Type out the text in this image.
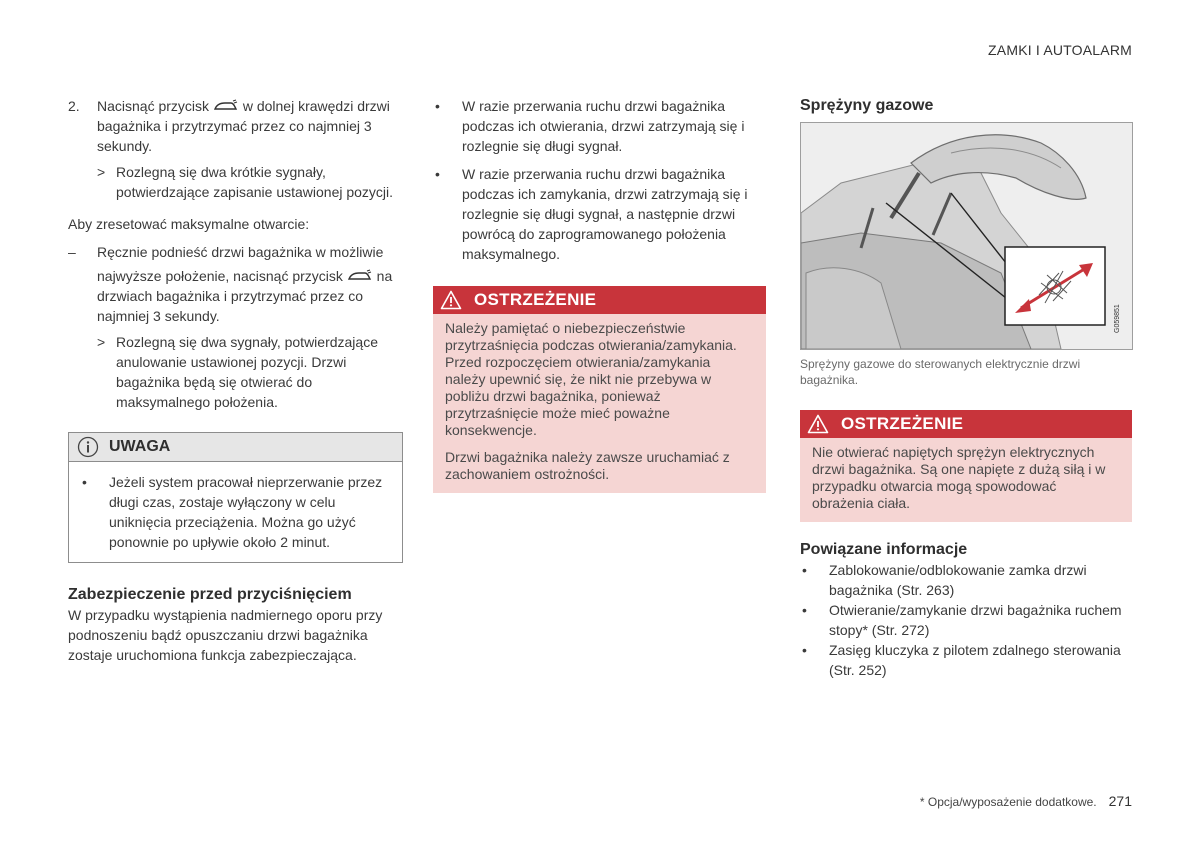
ZAMKI I AUTOALARM
2. Nacisnąć przycisk  w dolnej krawędzi drzwi bagażnika i przytrzymać przez co najmniej 3 sekundy.
> Rozlegną się dwa krótkie sygnały, potwierdzające zapisanie ustawionej pozycji.

Aby zresetować maksymalne otwarcie:

– Ręcznie podnieść drzwi bagażnika w możliwie
najwyższe położenie, nacisnąć przycisk  na drzwiach bagażnika i przytrzymać przez co najmniej 3 sekundy.
> Rozlegną się dwa sygnały, potwierdzające anulowanie ustawionej pozycji. Drzwi bagażnika będą się otwierać do maksymalnego położenia.
UWAGA
• Jeżeli system pracował nieprzerwanie przez długi czas, zostaje wyłączony w celu uniknięcia przeciążenia. Można go użyć ponownie po upływie około 2 minut.
Zabezpieczenie przed przyciśnięciem

W przypadku wystąpienia nadmiernego oporu przy podnoszeniu bądź opuszczaniu drzwi bagażnika zostaje uruchomiona funkcja zabezpieczająca.

• W razie przerwania ruchu drzwi bagażnika podczas ich otwierania, drzwi zatrzymają się i rozlegnie się długi sygnał.
• W razie przerwania ruchu drzwi bagażnika podczas ich zamykania, drzwi zatrzymają się i rozlegnie się długi sygnał, a następnie drzwi powrócą do zaprogramowanego położenia maksymalnego.
OSTRZEŻENIE

Należy pamiętać o niebezpieczeństwie przytrzaśnięcia podczas otwierania/zamykania. Przed rozpoczęciem otwierania/zamykania należy upewnić się, że nikt nie przebywa w pobliżu drzwi bagażnika, ponieważ przytrzaśnięcie może mieć poważne konsekwencje.

Drzwi bagażnika należy zawsze uruchamiać z zachowaniem ostrożności.

Sprężyny gazowe
G059851
Sprężyny gazowe do sterowanych elektrycznie drzwi bagażnika.
OSTRZEŻENIE

Nie otwierać napiętych sprężyn elektrycznych drzwi bagażnika. Są one napięte z dużą siłą i w przypadku otwarcia mogą spowodować obrażenia ciała.

Powiązane informacje
• Zablokowanie/odblokowanie zamka drzwi bagażnika (Str. 263)
• Otwieranie/zamykanie drzwi bagażnika ruchem stopy* (Str. 272)
• Zasięg kluczyka z pilotem zdalnego sterowania (Str. 252)
* Opcja/wyposażenie dodatkowe. 271
